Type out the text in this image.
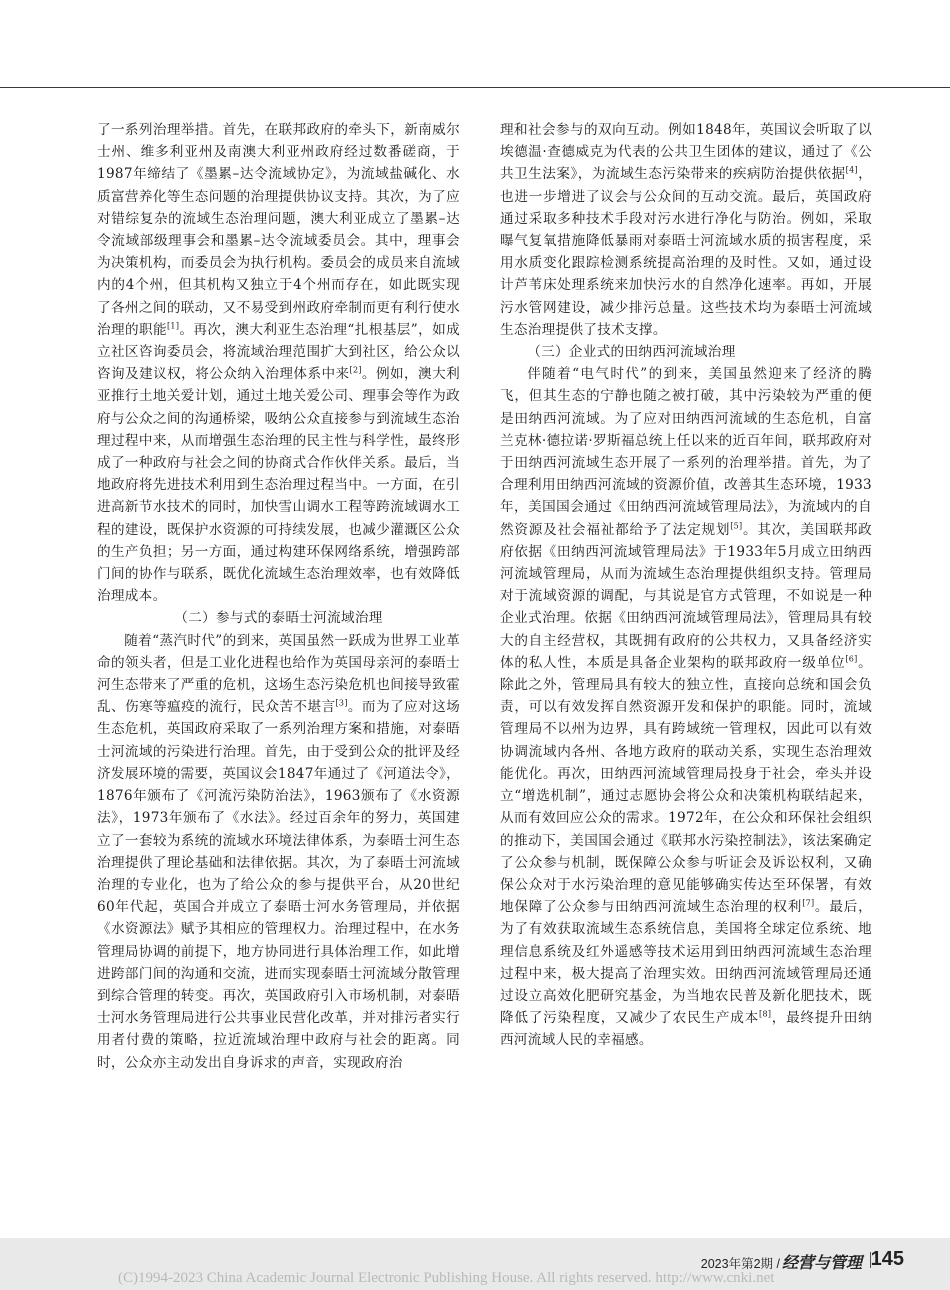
了一系列治理举措。首先，在联邦政府的牵头下，新南威尔士州、维多利亚州及南澳大利亚州政府经过数番磋商，于1987年缔结了《墨累–达令流域协定》，为流域盐碱化、水质富营养化等生态问题的治理提供协议支持。其次，为了应对错综复杂的流域生态治理问题，澳大利亚成立了墨累–达令流域部级理事会和墨累–达令流域委员会。其中，理事会为决策机构，而委员会为执行机构。委员会的成员来自流域内的4个州，但其机构又独立于4个州而存在，如此既实现了各州之间的联动，又不易受到州政府牵制而更有利行使水治理的职能[1]。再次，澳大利亚生态治理“扎根基层”，如成立社区咨询委员会，将流域治理范围扩大到社区，给公众以咨询及建议权，将公众纳入治理体系中来[2]。例如，澳大利亚推行土地关爱计划，通过土地关爱公司、理事会等作为政府与公众之间的沟通桥梁，吸纳公众直接参与到流域生态治理过程中来，从而增强生态治理的民主性与科学性，最终形成了一种政府与社会之间的协商式合作伙伴关系。最后，当地政府将先进技术利用到生态治理过程当中。一方面，在引进高新节水技术的同时，加快雪山调水工程等跨流域调水工程的建设，既保护水资源的可持续发展，也减少灌溉区公众的生产负担；另一方面，通过构建环保网络系统，增强跨部门间的协作与联系，既优化流域生态治理效率，也有效降低治理成本。

（二）参与式的泰晤士河流域治理

随着“蒸汽时代”的到来，英国虽然一跃成为世界工业革命的领头者，但是工业化进程也给作为英国母亲河的泰晤士河生态带来了严重的危机，这场生态污染危机也间接导致霍乱、伤寒等瘟疫的流行，民众苦不堪言[3]。而为了应对这场生态危机，英国政府采取了一系列治理方案和措施，对泰晤士河流域的污染进行治理。首先，由于受到公众的批评及经济发展环境的需要，英国议会1847年通过了《河道法令》，1876年颁布了《河流污染防治法》，1963颁布了《水资源法》，1973年颁布了《水法》。经过百余年的努力，英国建立了一套较为系统的流域水环境法律体系，为泰晤士河生态治理提供了理论基础和法律依据。其次，为了泰晤士河流域治理的专业化，也为了给公众的参与提供平台，从20世纪60年代起，英国合并成立了泰晤士河水务管理局，并依据《水资源法》赋予其相应的管理权力。治理过程中，在水务管理局协调的前提下，地方协同进行具体治理工作，如此增进跨部门间的沟通和交流，进而实现泰晤士河流域分散管理到综合管理的转变。再次，英国政府引入市场机制，对泰晤士河水务管理局进行公共事业民营化改革，并对排污者实行用者付费的策略，拉近流域治理中政府与社会的距离。同时，公众亦主动发出自身诉求的声音，实现政府治

理和社会参与的双向互动。例如1848年，英国议会听取了以埃德温·查德威克为代表的公共卫生团体的建议，通过了《公共卫生法案》，为流域生态污染带来的疾病防治提供依据[4]，也进一步增进了议会与公众间的互动交流。最后，英国政府通过采取多种技术手段对污水进行净化与防治。例如，采取曝气复氧措施降低暴雨对泰晤士河流域水质的损害程度，采用水质变化跟踪检测系统提高治理的及时性。又如，通过设计芦苇床处理系统来加快污水的自然净化速率。再如，开展污水管网建设，减少排污总量。这些技术均为泰晤士河流域生态治理提供了技术支撑。

（三）企业式的田纳西河流域治理

伴随着“电气时代”的到来，美国虽然迎来了经济的腾飞，但其生态的宁静也随之被打破，其中污染较为严重的便是田纳西河流域。为了应对田纳西河流域的生态危机，自富兰克林·德拉诺·罗斯福总统上任以来的近百年间，联邦政府对于田纳西河流域生态开展了一系列的治理举措。首先，为了合理利用田纳西河流域的资源价值，改善其生态环境，1933年，美国国会通过《田纳西河流域管理局法》，为流域内的自然资源及社会福祉都给予了法定规划[5]。其次，美国联邦政府依据《田纳西河流域管理局法》于1933年5月成立田纳西河流域管理局，从而为流域生态治理提供组织支持。管理局对于流域资源的调配，与其说是官方式管理，不如说是一种企业式治理。依据《田纳西河流域管理局法》，管理局具有较大的自主经营权，其既拥有政府的公共权力，又具备经济实体的私人性，本质是具备企业架构的联邦政府一级单位[6]。除此之外，管理局具有较大的独立性，直接向总统和国会负责，可以有效发挥自然资源开发和保护的职能。同时，流域管理局不以州为边界，具有跨域统一管理权，因此可以有效协调流域内各州、各地方政府的联动关系，实现生态治理效能优化。再次，田纳西河流域管理局投身于社会，牵头并设立“增选机制”，通过志愿协会将公众和决策机构联结起来，从而有效回应公众的需求。1972年，在公众和环保社会组织的推动下，美国国会通过《联邦水污染控制法》，该法案确定了公众参与机制，既保障公众参与听证会及诉讼权利，又确保公众对于水污染治理的意见能够确实传达至环保署，有效地保障了公众参与田纳西河流域生态治理的权利[7]。最后，为了有效获取流域生态系统信息，美国将全球定位系统、地理信息系统及红外遥感等技术运用到田纳西河流域生态治理过程中来，极大提高了治理实效。田纳西河流域管理局还通过设立高效化肥研究基金，为当地农民普及新化肥技术，既降低了污染程度，又减少了农民生产成本[8]，最终提升田纳西河流域人民的幸福感。

2023年第2期 / 经营与管理 145
(C)1994-2023 China Academic Journal Electronic Publishing House. All rights reserved. http://www.cnki.net
